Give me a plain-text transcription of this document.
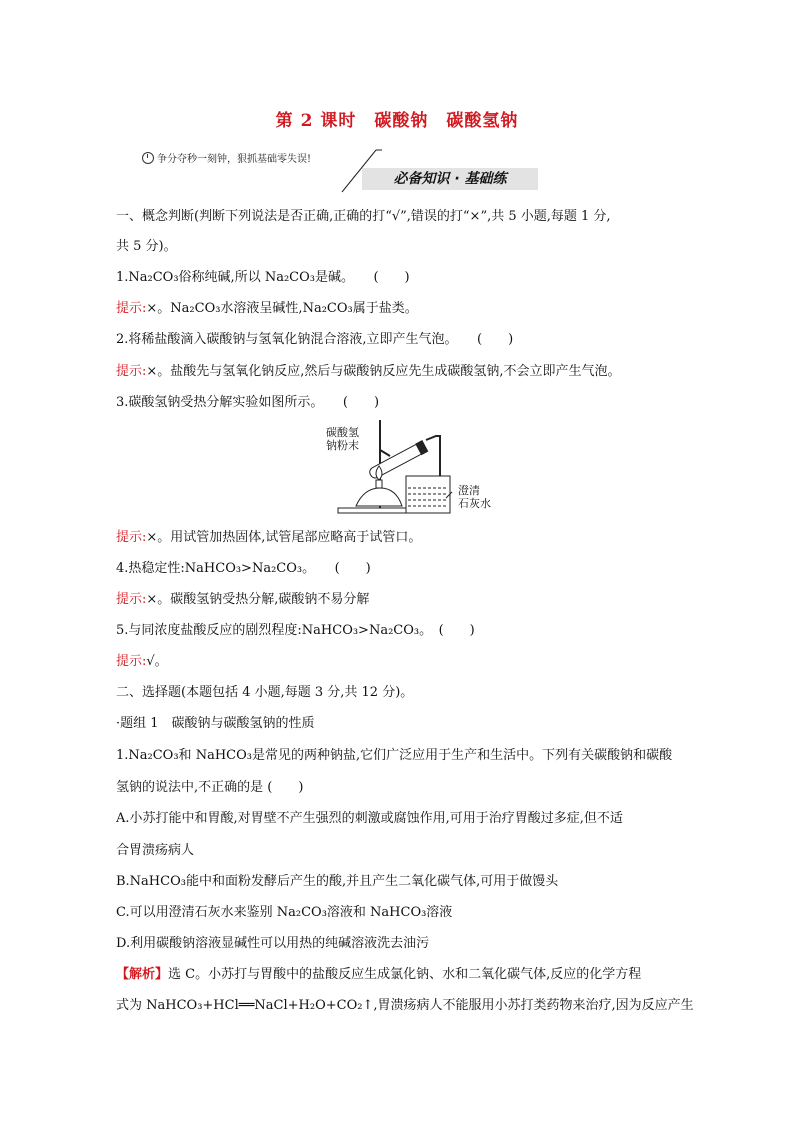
第 2 课时　碳酸钠　碳酸氢钠
争分夺秒一刻钟，狠抓基础零失误!
必备知识 · 基础练
一、概念判断(判断下列说法是否正确,正确的打“√”,错误的打“×”,共 5 小题,每题 1 分,
共 5 分)。
1.Na₂CO₃俗称纯碱,所以 Na₂CO₃是碱。　　(　　)
提示:×。Na₂CO₃水溶液呈碱性,Na₂CO₃属于盐类。
2.将稀盐酸滴入碳酸钠与氢氧化钠混合溶液,立即产生气泡。　　(　　)
提示:×。盐酸先与氢氧化钠反应,然后与碳酸钠反应先生成碳酸氢钠,不会立即产生气泡。
3.碳酸氢钠受热分解实验如图所示。　　(　　)
提示:×。用试管加热固体,试管尾部应略高于试管口。
4.热稳定性:NaHCO₃>Na₂CO₃。　　(　　)
提示:×。碳酸氢钠受热分解,碳酸钠不易分解
5.与同浓度盐酸反应的剧烈程度:NaHCO₃>Na₂CO₃。　(　　)
提示:√。
二、选择题(本题包括 4 小题,每题 3 分,共 12 分)。
·题组 1　碳酸钠与碳酸氢钠的性质
1.Na₂CO₃和 NaHCO₃是常见的两种钠盐,它们广泛应用于生产和生活中。下列有关碳酸钠和碳酸
氢钠的说法中,不正确的是 (　　)
A.小苏打能中和胃酸,对胃壁不产生强烈的刺激或腐蚀作用,可用于治疗胃酸过多症,但不适
合胃溃疡病人
B.NaHCO₃能中和面粉发酵后产生的酸,并且产生二氧化碳气体,可用于做馒头
C.可以用澄清石灰水来鉴别 Na₂CO₃溶液和 NaHCO₃溶液
D.利用碳酸钠溶液显碱性可以用热的纯碱溶液洗去油污
【解析】选 C。小苏打与胃酸中的盐酸反应生成氯化钠、水和二氧化碳气体,反应的化学方程
式为 NaHCO₃+HCl══NaCl+H₂O+CO₂↑,胃溃疡病人不能服用小苏打类药物来治疗,因为反应产生
碳酸氢
钠粉末
澄清
石灰水
